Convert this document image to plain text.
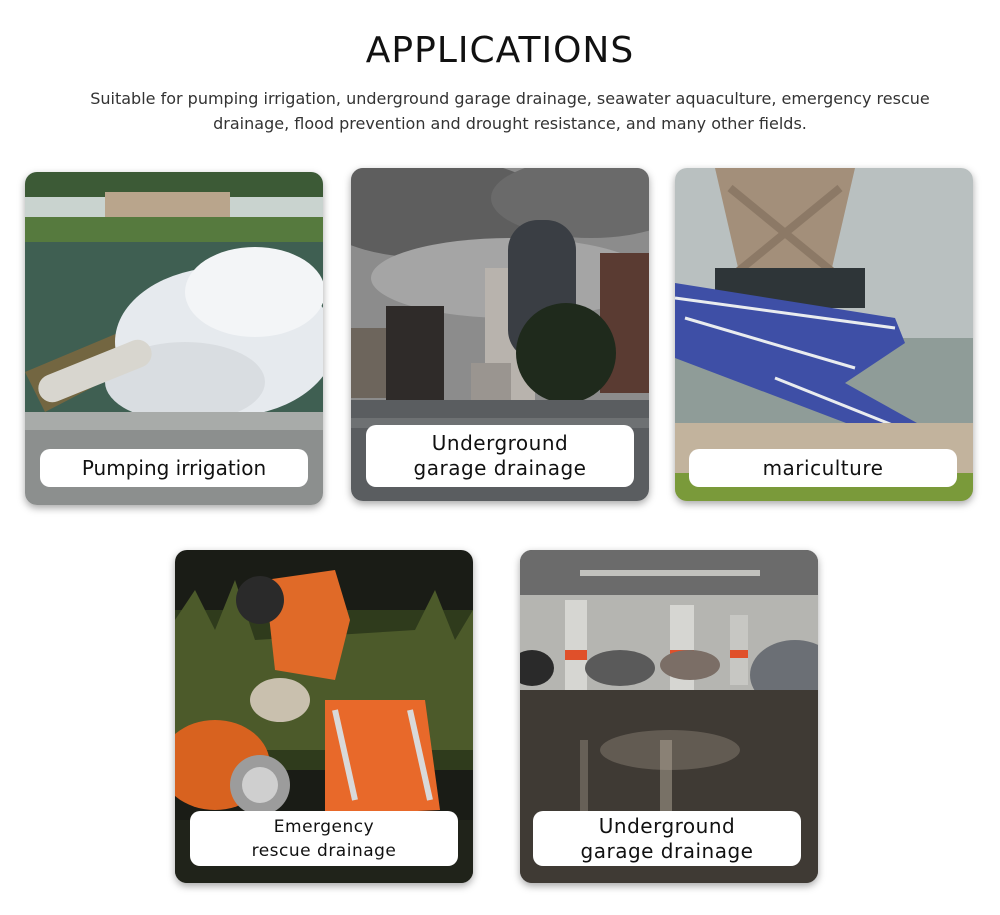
APPLICATIONS

Suitable for pumping irrigation, underground garage drainage, seawater aquaculture, emergency rescue drainage, flood prevention and drought resistance, and many other fields.

Pumping irrigation
Underground
garage drainage	mariculture
Emergency
rescue drainage
Underground
garage drainage
